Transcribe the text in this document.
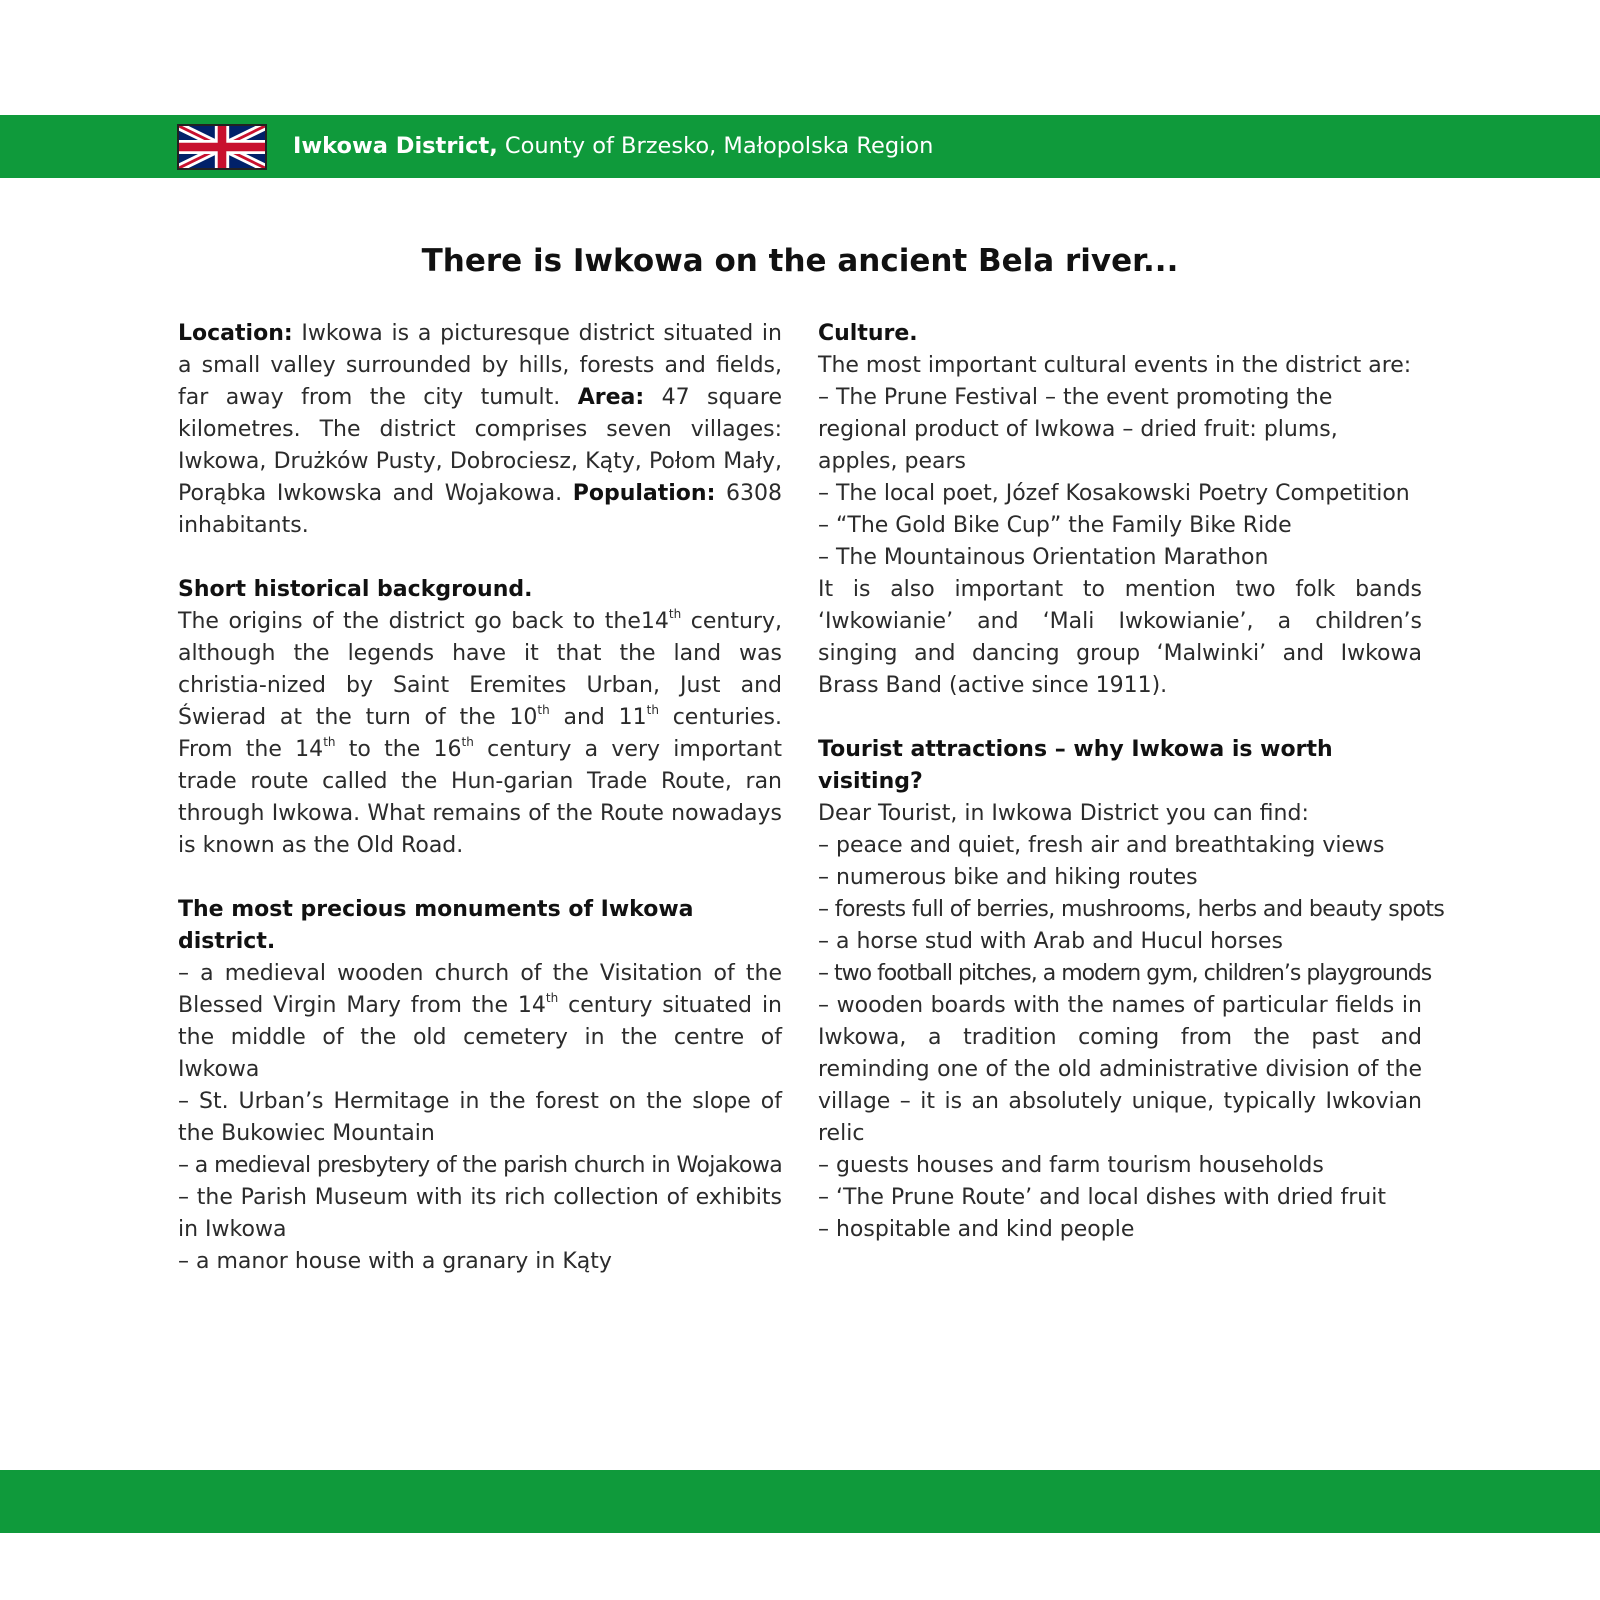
Iwkowa District, County of Brzesko, Małopolska Region
There is Iwkowa on the ancient Bela river...

Location: Iwkowa is a picturesque district situated in a small valley surrounded by hills, forests and fields, far away from the city tumult. Area: 47 square kilometres. The district comprises seven villages: Iwkowa, Drużków Pusty, Dobrociesz, Kąty, Połom Mały, Porąbka Iwkowska and Wojakowa. Population: 6308 inhabitants.

Short historical background.

The origins of the district go back to the14th century, although the legends have it that the land was christia-nized by Saint Eremites Urban, Just and Świerad at the turn of the 10th and 11th centuries. From the 14th to the 16th century a very important trade route called the Hun-garian Trade Route, ran through Iwkowa. What remains of the Route nowadays is known as the Old Road.

The most precious monuments of Iwkowa district.

– a medieval wooden church of the Visitation of the Blessed Virgin Mary from the 14th century situated in the middle of the old cemetery in the centre of Iwkowa

– St. Urban’s Hermitage in the forest on the slope of the Bukowiec Mountain

– a medieval presbytery of the parish church in Wojakowa

– the Parish Museum with its rich collection of exhibits in Iwkowa

– a manor house with a granary in Kąty

Culture.

The most important cultural events in the district are:

– The Prune Festival – the event promoting the regional product of Iwkowa – dried fruit: plums, apples, pears

– The local poet, Józef Kosakowski Poetry Competition

– “The Gold Bike Cup” the Family Bike Ride

– The Mountainous Orientation Marathon

It is also important to mention two folk bands ‘Iwkowianie’ and ‘Mali Iwkowianie’, a children’s singing and dancing group ‘Malwinki’ and Iwkowa Brass Band (active since 1911).

Tourist attractions – why Iwkowa is worth visiting?

Dear Tourist, in Iwkowa District you can find:

– peace and quiet, fresh air and breathtaking views

– numerous bike and hiking routes

– forests full of berries, mushrooms, herbs and beauty spots

– a horse stud with Arab and Hucul horses

– two football pitches, a modern gym, children’s playgrounds

– wooden boards with the names of particular fields in Iwkowa, a tradition coming from the past and reminding one of the old administrative division of the village – it is an absolutely unique, typically Iwkovian relic

– guests houses and farm tourism households

– ‘The Prune Route’ and local dishes with dried fruit

– hospitable and kind people
